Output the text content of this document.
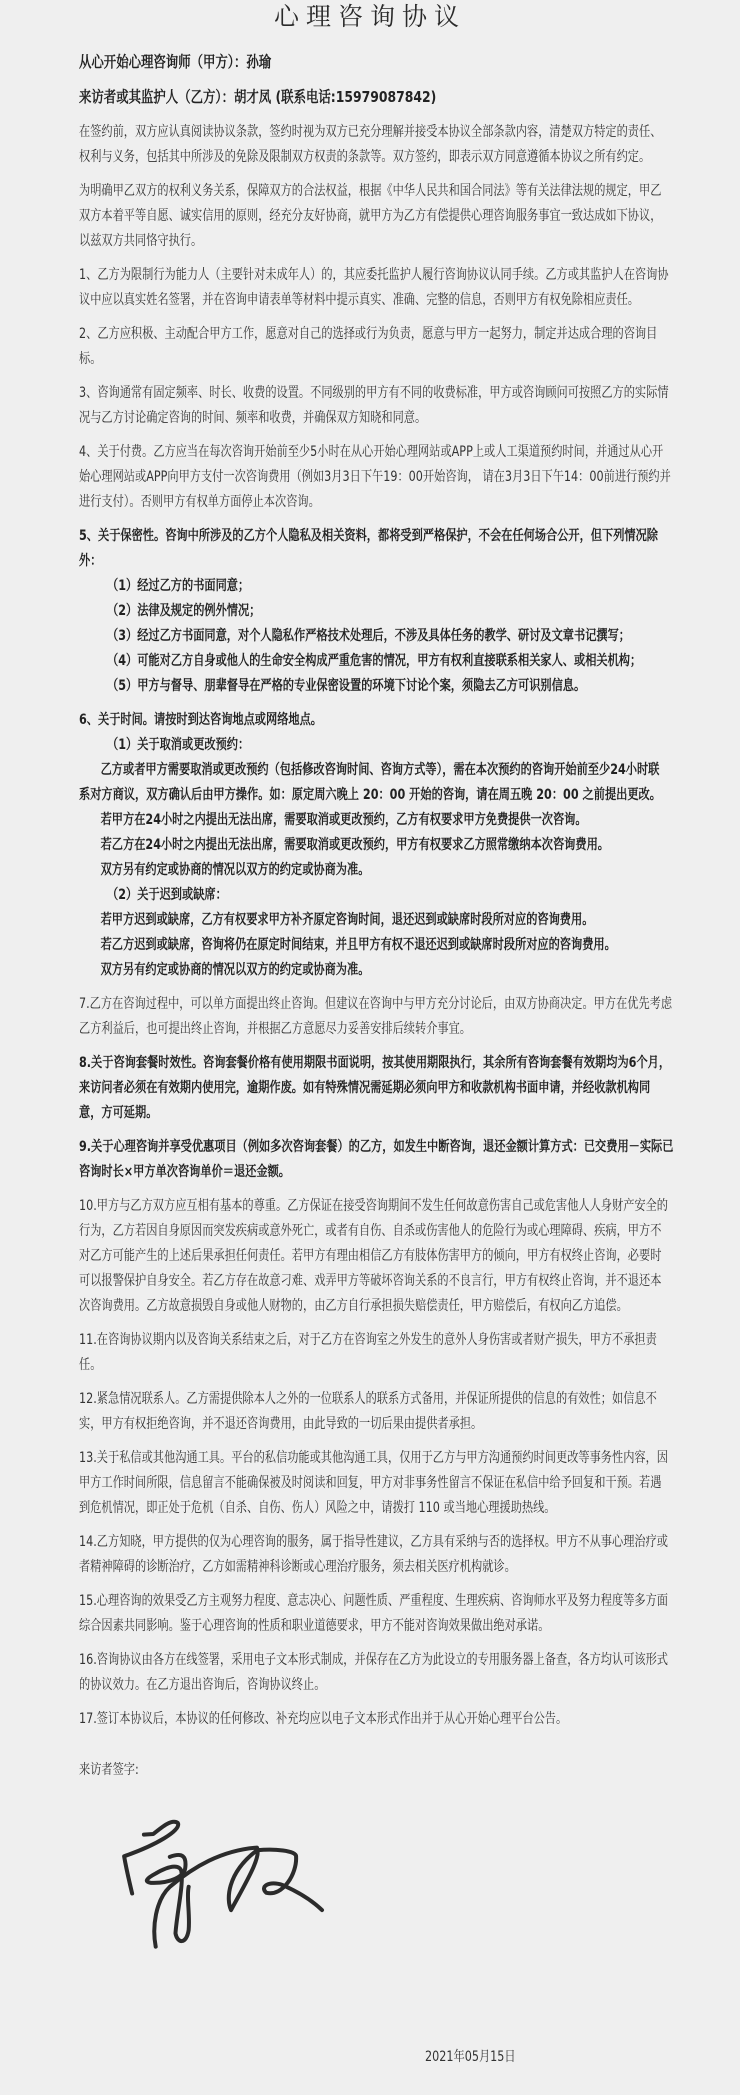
心理咨询协议
从心开始心理咨询师（甲方）：孙瑜
来访者或其监护人（乙方）：胡才凤 (联系电话:15979087842)
在签约前，双方应认真阅读协议条款，签约时视为双方已充分理解并接受本协议全部条款内容，清楚双方特定的责任、
权利与义务，包括其中所涉及的免除及限制双方权责的条款等。双方签约，即表示双方同意遵循本协议之所有约定。
为明确甲乙双方的权利义务关系，保障双方的合法权益，根据《中华人民共和国合同法》等有关法律法规的规定，甲乙
双方本着平等自愿、诚实信用的原则，经充分友好协商，就甲方为乙方有偿提供心理咨询服务事宜一致达成如下协议，
以兹双方共同恪守执行。
1、乙方为限制行为能力人（主要针对未成年人）的，其应委托监护人履行咨询协议认同手续。乙方或其监护人在咨询协
议中应以真实姓名签署，并在咨询申请表单等材料中提示真实、准确、完整的信息，否则甲方有权免除相应责任。
2、乙方应积极、主动配合甲方工作，愿意对自己的选择或行为负责，愿意与甲方一起努力，制定并达成合理的咨询目
标。
3、咨询通常有固定频率、时长、收费的设置。不同级别的甲方有不同的收费标准，甲方或咨询顾问可按照乙方的实际情
况与乙方讨论确定咨询的时间、频率和收费，并确保双方知晓和同意。
4、关于付费。乙方应当在每次咨询开始前至少5小时在从心开始心理网站或APP上或人工渠道预约时间，并通过从心开
始心理网站或APP向甲方支付一次咨询费用（例如3月3日下午19：00开始咨询， 请在3月3日下午14：00前进行预约并
进行支付）。否则甲方有权单方面停止本次咨询。
5、关于保密性。咨询中所涉及的乙方个人隐私及相关资料，都将受到严格保护，不会在任何场合公开，但下列情况除
外：
（1）经过乙方的书面同意；
（2）法律及规定的例外情况；
（3）经过乙方书面同意，对个人隐私作严格技术处理后，不涉及具体任务的教学、研讨及文章书记撰写；
（4）可能对乙方自身或他人的生命安全构成严重危害的情况，甲方有权利直接联系相关家人、或相关机构；
（5）甲方与督导、朋辈督导在严格的专业保密设置的环境下讨论个案，须隐去乙方可识别信息。
6、关于时间。请按时到达咨询地点或网络地点。
（1）关于取消或更改预约：
乙方或者甲方需要取消或更改预约（包括修改咨询时间、咨询方式等），需在本次预约的咨询开始前至少24小时联
系对方商议，双方确认后由甲方操作。如：原定周六晚上 20：00 开始的咨询，请在周五晚 20：00 之前提出更改。
若甲方在24小时之内提出无法出席，需要取消或更改预约，乙方有权要求甲方免费提供一次咨询。
若乙方在24小时之内提出无法出席，需要取消或更改预约，甲方有权要求乙方照常缴纳本次咨询费用。
双方另有约定或协商的情况以双方的约定或协商为准。
（2）关于迟到或缺席：
若甲方迟到或缺席，乙方有权要求甲方补齐原定咨询时间，退还迟到或缺席时段所对应的咨询费用。
若乙方迟到或缺席，咨询将仍在原定时间结束，并且甲方有权不退还迟到或缺席时段所对应的咨询费用。
双方另有约定或协商的情况以双方的约定或协商为准。
7.乙方在咨询过程中，可以单方面提出终止咨询。但建议在咨询中与甲方充分讨论后，由双方协商决定。甲方在优先考虑
乙方利益后，也可提出终止咨询，并根据乙方意愿尽力妥善安排后续转介事宜。
8.关于咨询套餐时效性。咨询套餐价格有使用期限书面说明，按其使用期限执行，其余所有咨询套餐有效期均为6个月，
来访问者必须在有效期内使用完，逾期作废。如有特殊情况需延期必须向甲方和收款机构书面申请，并经收款机构同
意，方可延期。
9.关于心理咨询并享受优惠项目（例如多次咨询套餐）的乙方，如发生中断咨询，退还金额计算方式：已交费用－实际已
咨询时长×甲方单次咨询单价＝退还金额。
10.甲方与乙方双方应互相有基本的尊重。乙方保证在接受咨询期间不发生任何故意伤害自己或危害他人人身财产安全的
行为，乙方若因自身原因而突发疾病或意外死亡，或者有自伤、自杀或伤害他人的危险行为或心理障碍、疾病，甲方不
对乙方可能产生的上述后果承担任何责任。若甲方有理由相信乙方有肢体伤害甲方的倾向，甲方有权终止咨询，必要时
可以报警保护自身安全。若乙方存在故意刁难、戏弄甲方等破坏咨询关系的不良言行，甲方有权终止咨询，并不退还本
次咨询费用。乙方故意损毁自身或他人财物的，由乙方自行承担损失赔偿责任，甲方赔偿后，有权向乙方追偿。
11.在咨询协议期内以及咨询关系结束之后，对于乙方在咨询室之外发生的意外人身伤害或者财产损失，甲方不承担责
任。
12.紧急情况联系人。乙方需提供除本人之外的一位联系人的联系方式备用，并保证所提供的信息的有效性；如信息不
实，甲方有权拒绝咨询，并不退还咨询费用，由此导致的一切后果由提供者承担。
13.关于私信或其他沟通工具。平台的私信功能或其他沟通工具，仅用于乙方与甲方沟通预约时间更改等事务性内容，因
甲方工作时间所限，信息留言不能确保被及时阅读和回复，甲方对非事务性留言不保证在私信中给予回复和干预。若遇
到危机情况，即正处于危机（自杀、自伤、伤人）风险之中，请拨打 110 或当地心理援助热线。
14.乙方知晓，甲方提供的仅为心理咨询的服务，属于指导性建议，乙方具有采纳与否的选择权。甲方不从事心理治疗或
者精神障碍的诊断治疗，乙方如需精神科诊断或心理治疗服务，须去相关医疗机构就诊。
15.心理咨询的效果受乙方主观努力程度、意志决心、问题性质、严重程度、生理疾病、咨询师水平及努力程度等多方面
综合因素共同影响。鉴于心理咨询的性质和职业道德要求，甲方不能对咨询效果做出绝对承诺。
16.咨询协议由各方在线签署，采用电子文本形式制成，并保存在乙方为此设立的专用服务器上备查，各方均认可该形式
的协议效力。在乙方退出咨询后，咨询协议终止。
17.签订本协议后，本协议的任何修改、补充均应以电子文本形式作出并于从心开始心理平台公告。
来访者签字:
2021年05月15日
